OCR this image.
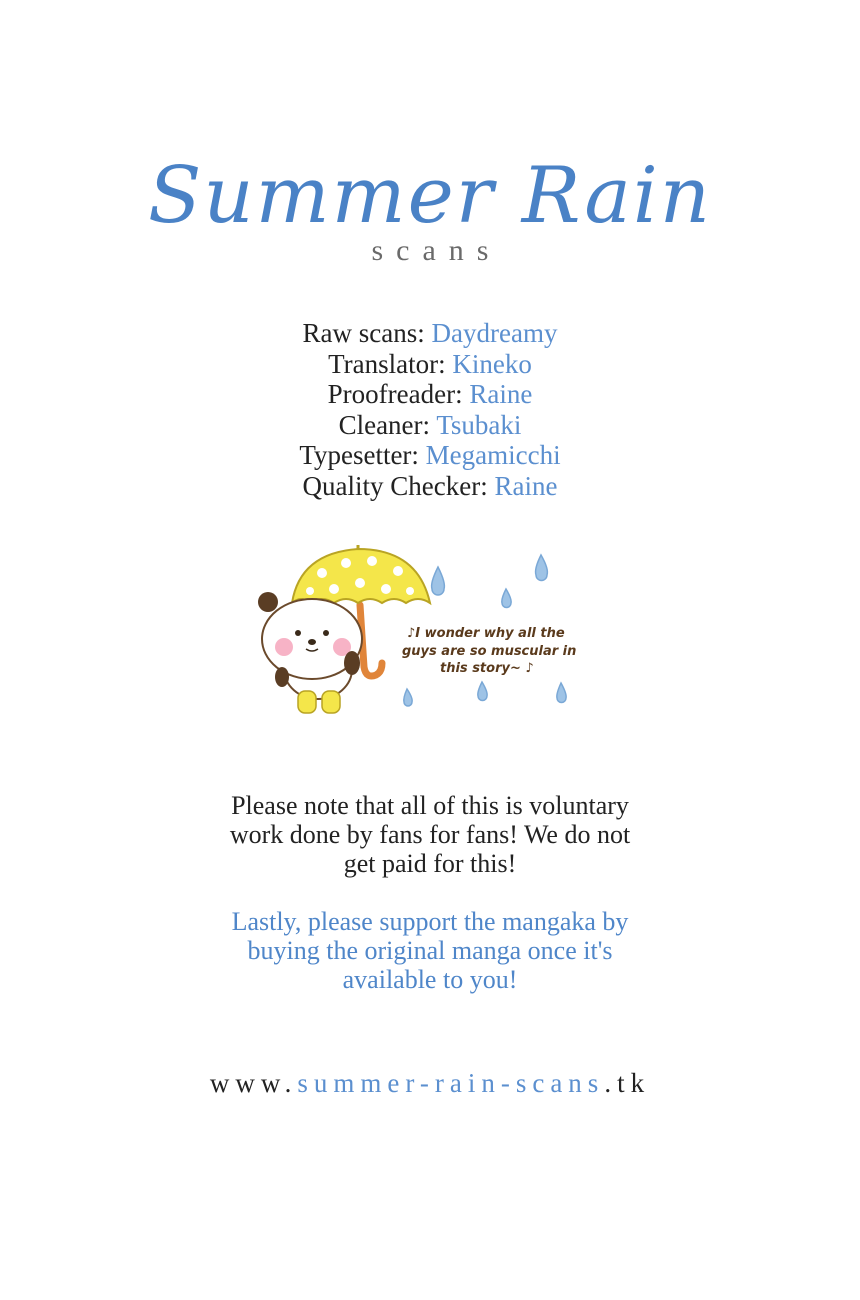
Summer Rain
scans
Raw scans: Daydreamy
Translator: Kineko
Proofreader: Raine
Cleaner: Tsubaki
Typesetter: Megamicchi
Quality Checker: Raine
♪I wonder why all the
guys are so muscular in
this story~ ♪
Please note that all of this is voluntary
work done by fans for fans! We do not
get paid for this!
Lastly, please support the mangaka by
buying the original manga once it's
available to you!
www.summer-rain-scans.tk
